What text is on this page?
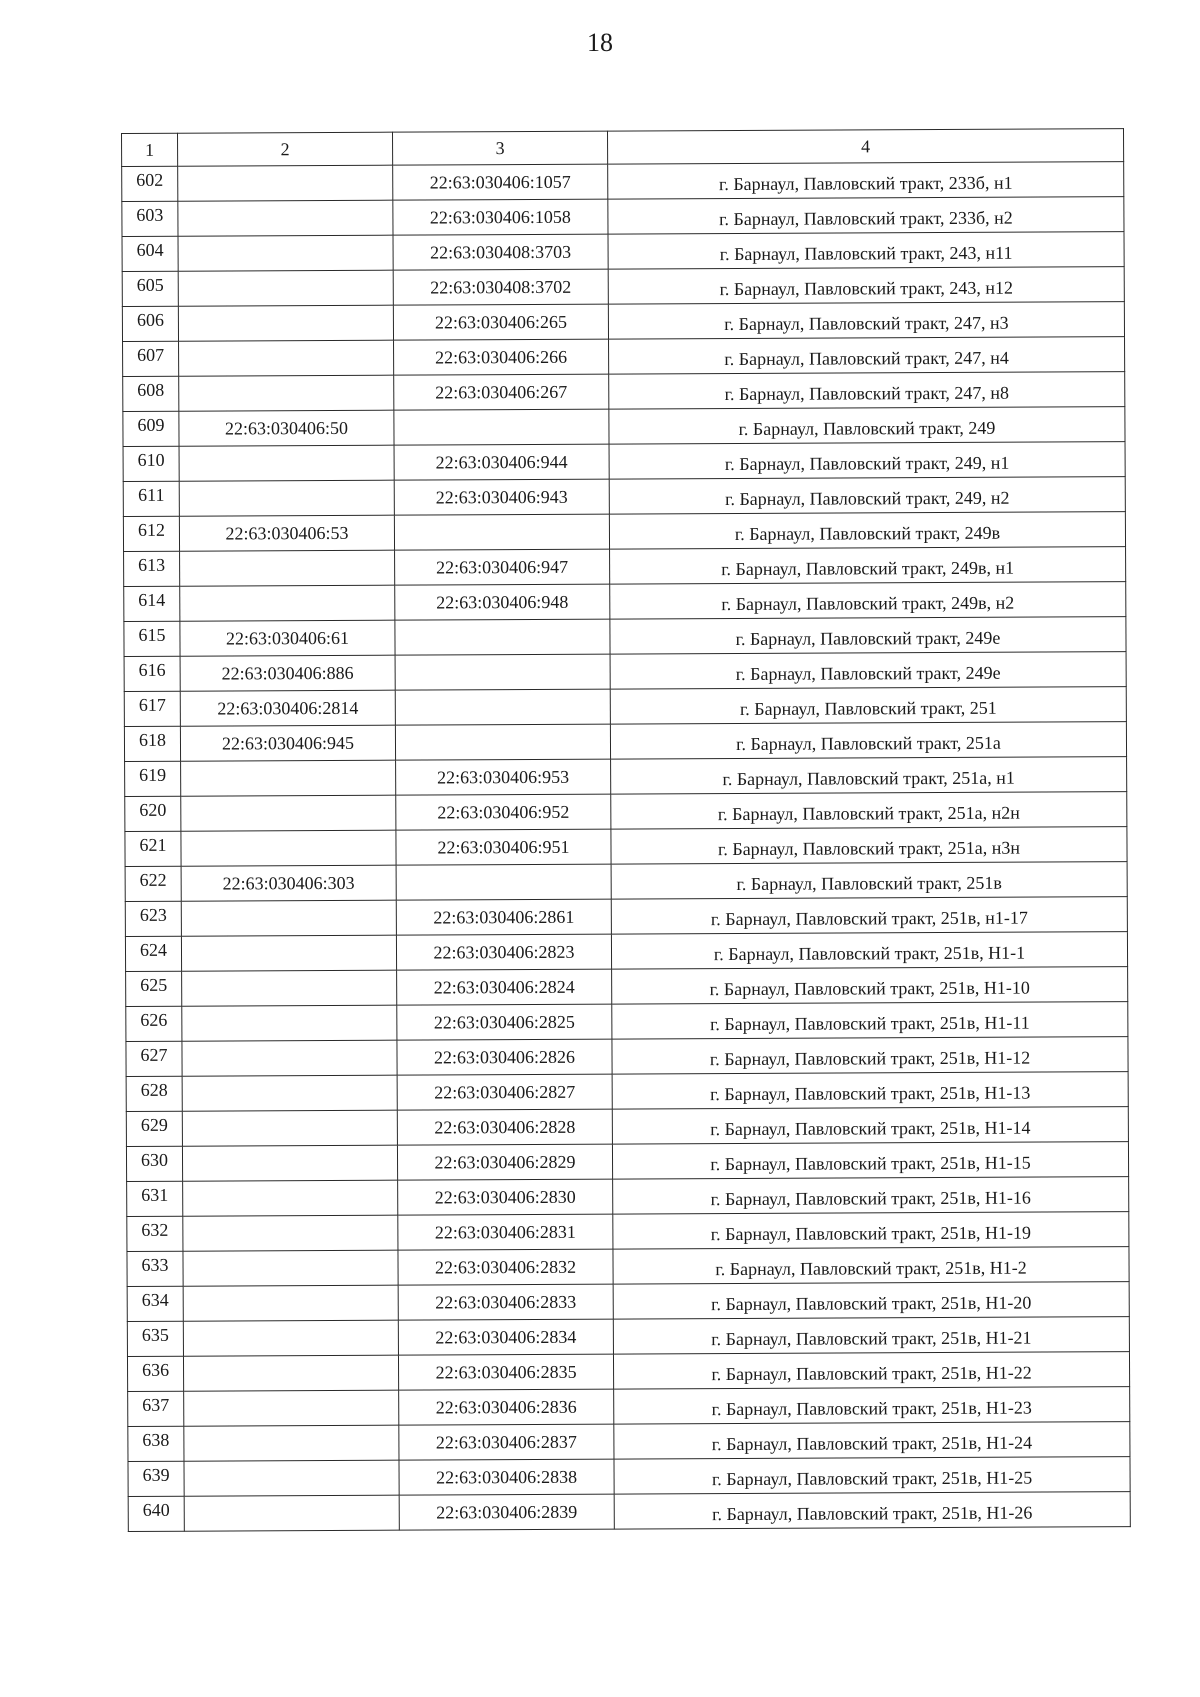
18
1	2	3	4
602		22:63:030406:1057	г. Барнаул, Павловский тракт, 233б, н1
603		22:63:030406:1058	г. Барнаул, Павловский тракт, 233б, н2
604		22:63:030408:3703	г. Барнаул, Павловский тракт, 243, н11
605		22:63:030408:3702	г. Барнаул, Павловский тракт, 243, н12
606		22:63:030406:265	г. Барнаул, Павловский тракт, 247, н3
607		22:63:030406:266	г. Барнаул, Павловский тракт, 247, н4
608		22:63:030406:267	г. Барнаул, Павловский тракт, 247, н8
609	22:63:030406:50		г. Барнаул, Павловский тракт, 249
610		22:63:030406:944	г. Барнаул, Павловский тракт, 249, н1
611		22:63:030406:943	г. Барнаул, Павловский тракт, 249, н2
612	22:63:030406:53		г. Барнаул, Павловский тракт, 249в
613		22:63:030406:947	г. Барнаул, Павловский тракт, 249в, н1
614		22:63:030406:948	г. Барнаул, Павловский тракт, 249в, н2
615	22:63:030406:61		г. Барнаул, Павловский тракт, 249е
616	22:63:030406:886		г. Барнаул, Павловский тракт, 249е
617	22:63:030406:2814		г. Барнаул, Павловский тракт, 251
618	22:63:030406:945		г. Барнаул, Павловский тракт, 251а
619		22:63:030406:953	г. Барнаул, Павловский тракт, 251а, н1
620		22:63:030406:952	г. Барнаул, Павловский тракт, 251а, н2н
621		22:63:030406:951	г. Барнаул, Павловский тракт, 251а, н3н
622	22:63:030406:303		г. Барнаул, Павловский тракт, 251в
623		22:63:030406:2861	г. Барнаул, Павловский тракт, 251в, н1-17
624		22:63:030406:2823	г. Барнаул, Павловский тракт, 251в, Н1-1
625		22:63:030406:2824	г. Барнаул, Павловский тракт, 251в, Н1-10
626		22:63:030406:2825	г. Барнаул, Павловский тракт, 251в, Н1-11
627		22:63:030406:2826	г. Барнаул, Павловский тракт, 251в, Н1-12
628		22:63:030406:2827	г. Барнаул, Павловский тракт, 251в, Н1-13
629		22:63:030406:2828	г. Барнаул, Павловский тракт, 251в, Н1-14
630		22:63:030406:2829	г. Барнаул, Павловский тракт, 251в, Н1-15
631		22:63:030406:2830	г. Барнаул, Павловский тракт, 251в, Н1-16
632		22:63:030406:2831	г. Барнаул, Павловский тракт, 251в, Н1-19
633		22:63:030406:2832	г. Барнаул, Павловский тракт, 251в, Н1-2
634		22:63:030406:2833	г. Барнаул, Павловский тракт, 251в, Н1-20
635		22:63:030406:2834	г. Барнаул, Павловский тракт, 251в, Н1-21
636		22:63:030406:2835	г. Барнаул, Павловский тракт, 251в, Н1-22
637		22:63:030406:2836	г. Барнаул, Павловский тракт, 251в, Н1-23
638		22:63:030406:2837	г. Барнаул, Павловский тракт, 251в, Н1-24
639		22:63:030406:2838	г. Барнаул, Павловский тракт, 251в, Н1-25
640		22:63:030406:2839	г. Барнаул, Павловский тракт, 251в, Н1-26
